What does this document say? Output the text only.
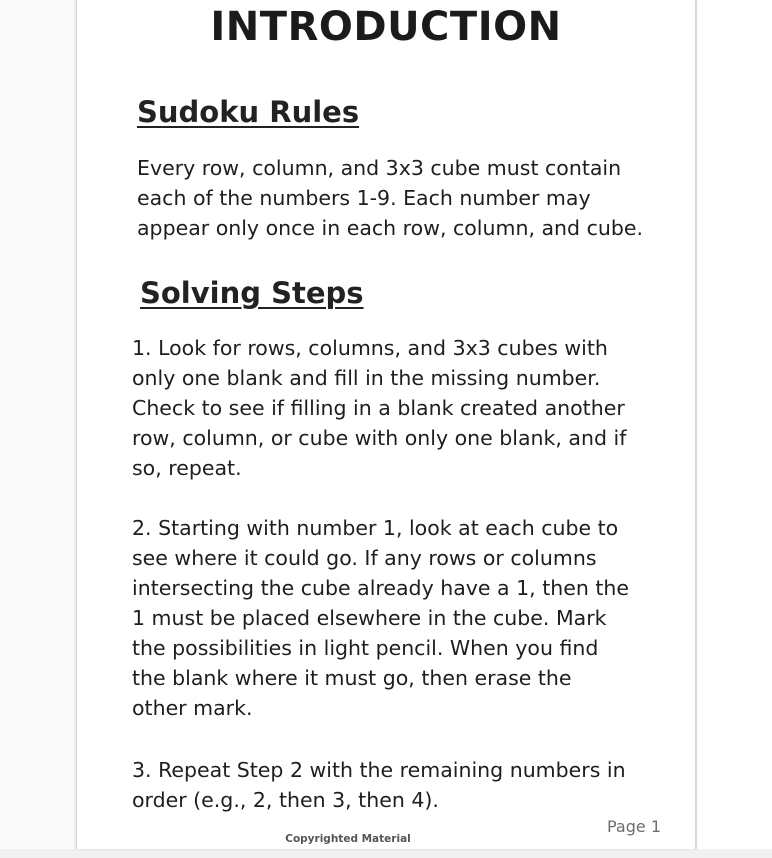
INTRODUCTION
Sudoku Rules

Every row, column, and 3x3 cube must contain
each of the numbers 1-9. Each number may
appear only once in each row, column, and cube.

Solving Steps

1. Look for rows, columns, and 3x3 cubes with
only one blank and fill in the missing number.
Check to see if filling in a blank created another
row, column, or cube with only one blank, and if
so, repeat.

2. Starting with number 1, look at each cube to
see where it could go. If any rows or columns
intersecting the cube already have a 1, then the
1 must be placed elsewhere in the cube. Mark
the possibilities in light pencil. When you find
the blank where it must go, then erase the
other mark.

3. Repeat Step 2 with the remaining numbers in
order (e.g., 2, then 3, then 4).

Page 1
Copyrighted Material
